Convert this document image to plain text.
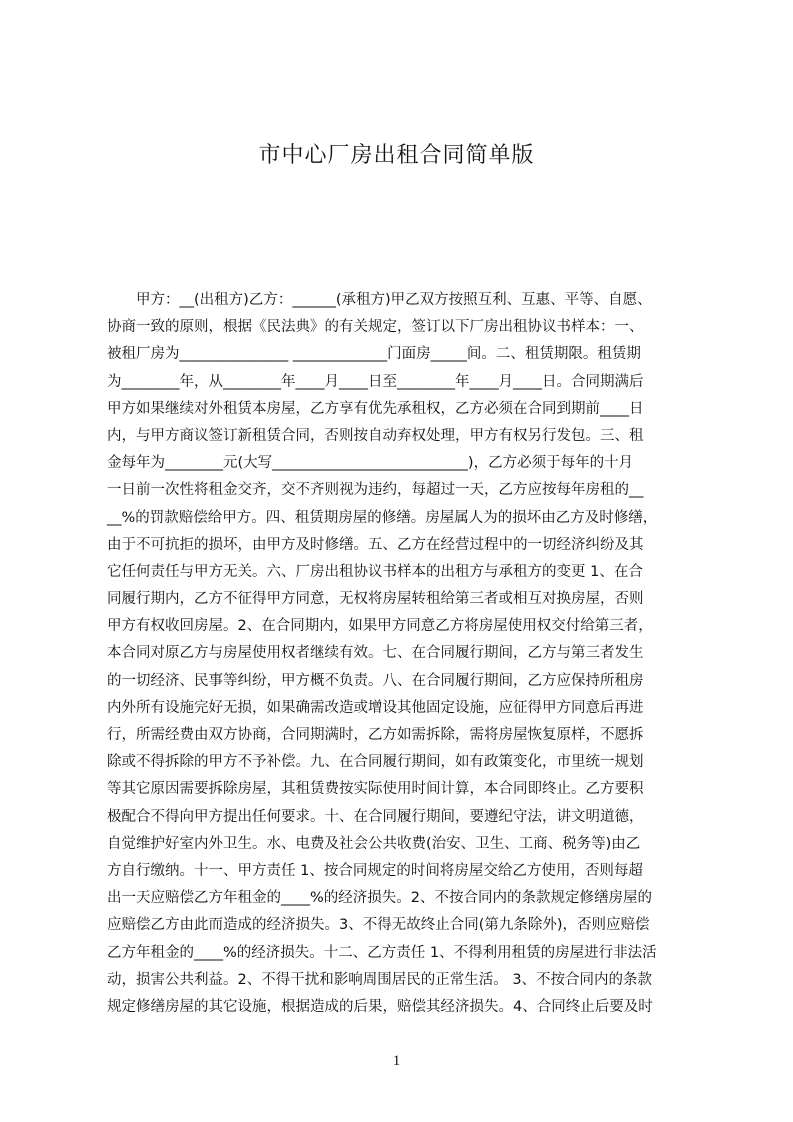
市中心厂房出租合同简单版
　　甲方：__(出租方)乙方：______(承租方)甲乙双方按照互利、互惠、平等、自愿、
协商一致的原则，根据《民法典》的有关规定，签订以下厂房出租协议书样本：一、
被租厂房为_______________ _____________门面房_____间。二、租赁期限。租赁期
为________年，从________年____月____日至________年____月____日。合同期满后
甲方如果继续对外租赁本房屋，乙方享有优先承租权，乙方必须在合同到期前____日
内，与甲方商议签订新租赁合同，否则按自动弃权处理，甲方有权另行发包。三、租
金每年为________元(大写___________________________)，乙方必须于每年的十月
一日前一次性将租金交齐，交不齐则视为违约，每超过一天，乙方应按每年房租的__
__%的罚款赔偿给甲方。四、租赁期房屋的修缮。房屋属人为的损坏由乙方及时修缮，
由于不可抗拒的损坏，由甲方及时修缮。五、乙方在经营过程中的一切经济纠纷及其
它任何责任与甲方无关。六、厂房出租协议书样本的出租方与承租方的变更 1、在合
同履行期内，乙方不征得甲方同意，无权将房屋转租给第三者或相互对换房屋，否则
甲方有权收回房屋。2、在合同期内，如果甲方同意乙方将房屋使用权交付给第三者，
本合同对原乙方与房屋使用权者继续有效。七、在合同履行期间，乙方与第三者发生
的一切经济、民事等纠纷，甲方概不负责。八、在合同履行期间，乙方应保持所租房
内外所有设施完好无损，如果确需改造或增设其他固定设施，应征得甲方同意后再进
行，所需经费由双方协商，合同期满时，乙方如需拆除，需将房屋恢复原样，不愿拆
除或不得拆除的甲方不予补偿。九、在合同履行期间，如有政策变化，市里统一规划
等其它原因需要拆除房屋，其租赁费按实际使用时间计算，本合同即终止。乙方要积
极配合不得向甲方提出任何要求。十、在合同履行期间，要遵纪守法，讲文明道德，
自觉维护好室内外卫生。水、电费及社会公共收费(治安、卫生、工商、税务等)由乙
方自行缴纳。十一、甲方责任 1、按合同规定的时间将房屋交给乙方使用，否则每超
出一天应赔偿乙方年租金的____%的经济损失。2、不按合同内的条款规定修缮房屋的
应赔偿乙方由此而造成的经济损失。3、不得无故终止合同(第九条除外)，否则应赔偿
乙方年租金的____%的经济损失。十二、乙方责任 1、不得利用租赁的房屋进行非法活
动，损害公共利益。2、不得干扰和影响周围居民的正常生活。 3、不按合同内的条款
规定修缮房屋的其它设施，根据造成的后果，赔偿其经济损失。4、合同终止后要及时
1
